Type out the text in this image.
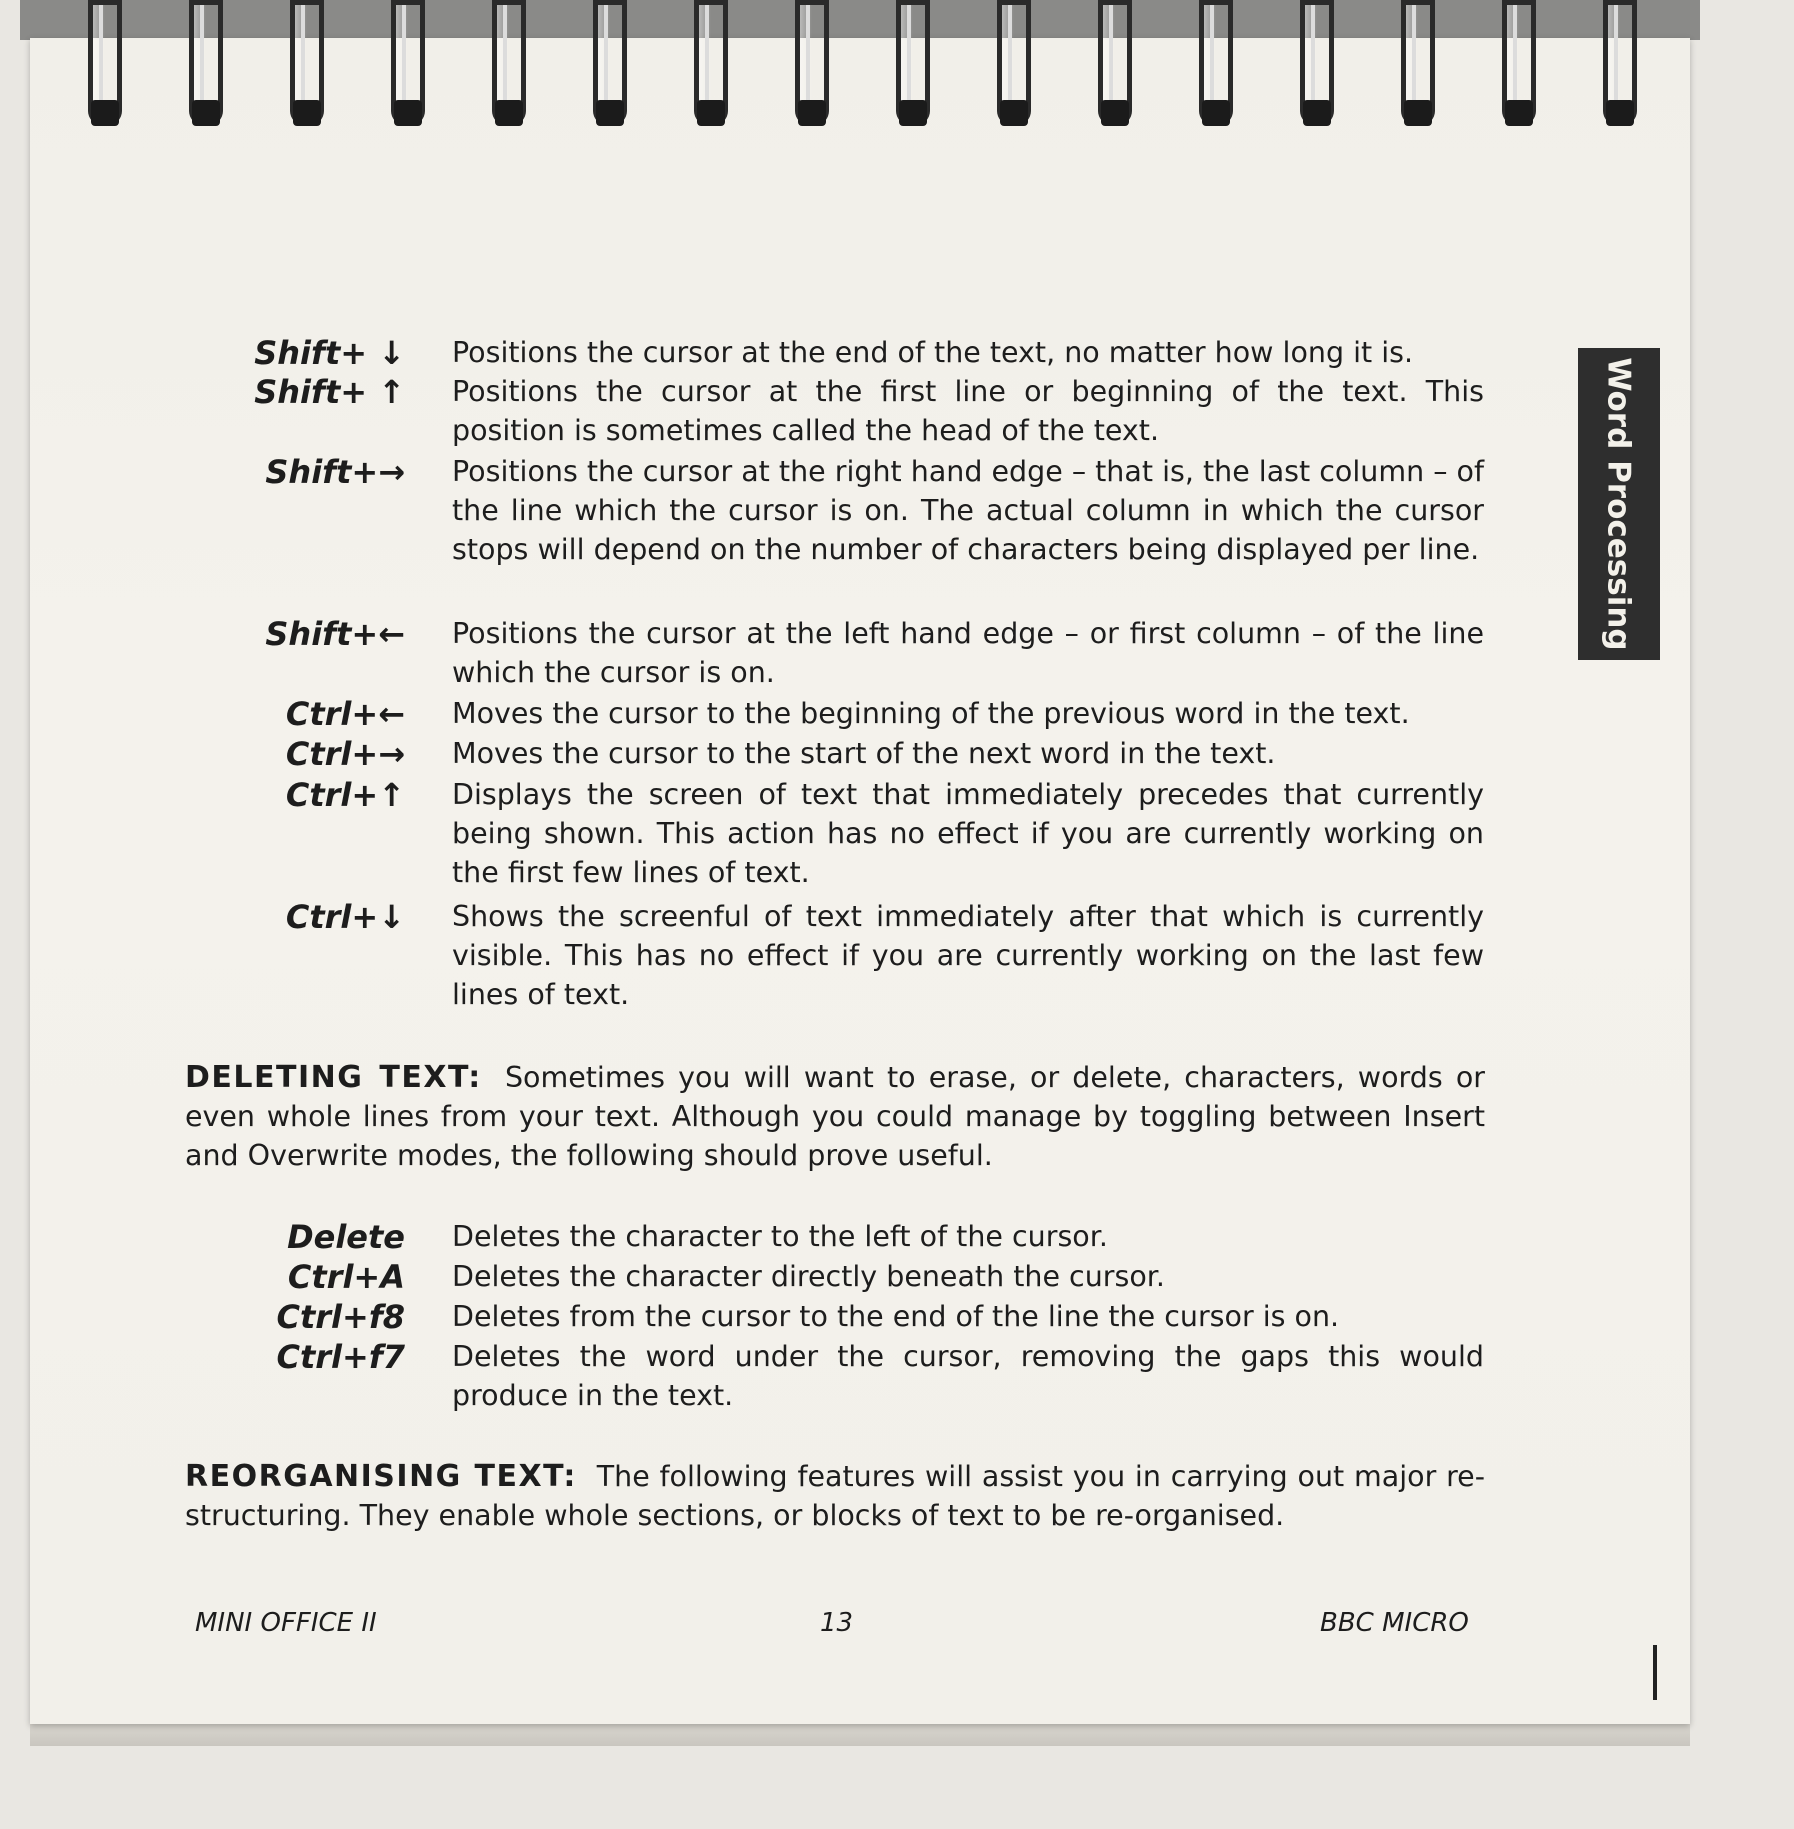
Word Processing
Shift+ ↓ Positions the cursor at the end of the text, no matter how long it is.
Shift+ ↑ Positions the cursor at the first line or beginning of the text. This position is sometimes called the head of the text.
Shift+→ Positions the cursor at the right hand edge – that is, the last column – of the line which the cursor is on. The actual column in which the cursor stops will depend on the number of characters being displayed per line.
Shift+← Positions the cursor at the left hand edge – or first column – of the line which the cursor is on.
Ctrl+← Moves the cursor to the beginning of the previous word in the text.
Ctrl+→ Moves the cursor to the start of the next word in the text.
Ctrl+↑ Displays the screen of text that immediately precedes that currently being shown. This action has no effect if you are currently working on the first few lines of text.
Ctrl+↓ Shows the screenful of text immediately after that which is currently visible. This has no effect if you are currently working on the last few lines of text.
DELETING TEXT: Sometimes you will want to erase, or delete, characters, words or even whole lines from your text. Although you could manage by toggling between Insert and Overwrite modes, the following should prove useful.
Delete Deletes the character to the left of the cursor.
Ctrl+A Deletes the character directly beneath the cursor.
Ctrl+f8 Deletes from the cursor to the end of the line the cursor is on.
Ctrl+f7 Deletes the word under the cursor, removing the gaps this would produce in the text.
REORGANISING TEXT: The following features will assist you in carrying out major re-structuring. They enable whole sections, or blocks of text to be re-organised.
MINI OFFICE II	13	BBC MICRO
